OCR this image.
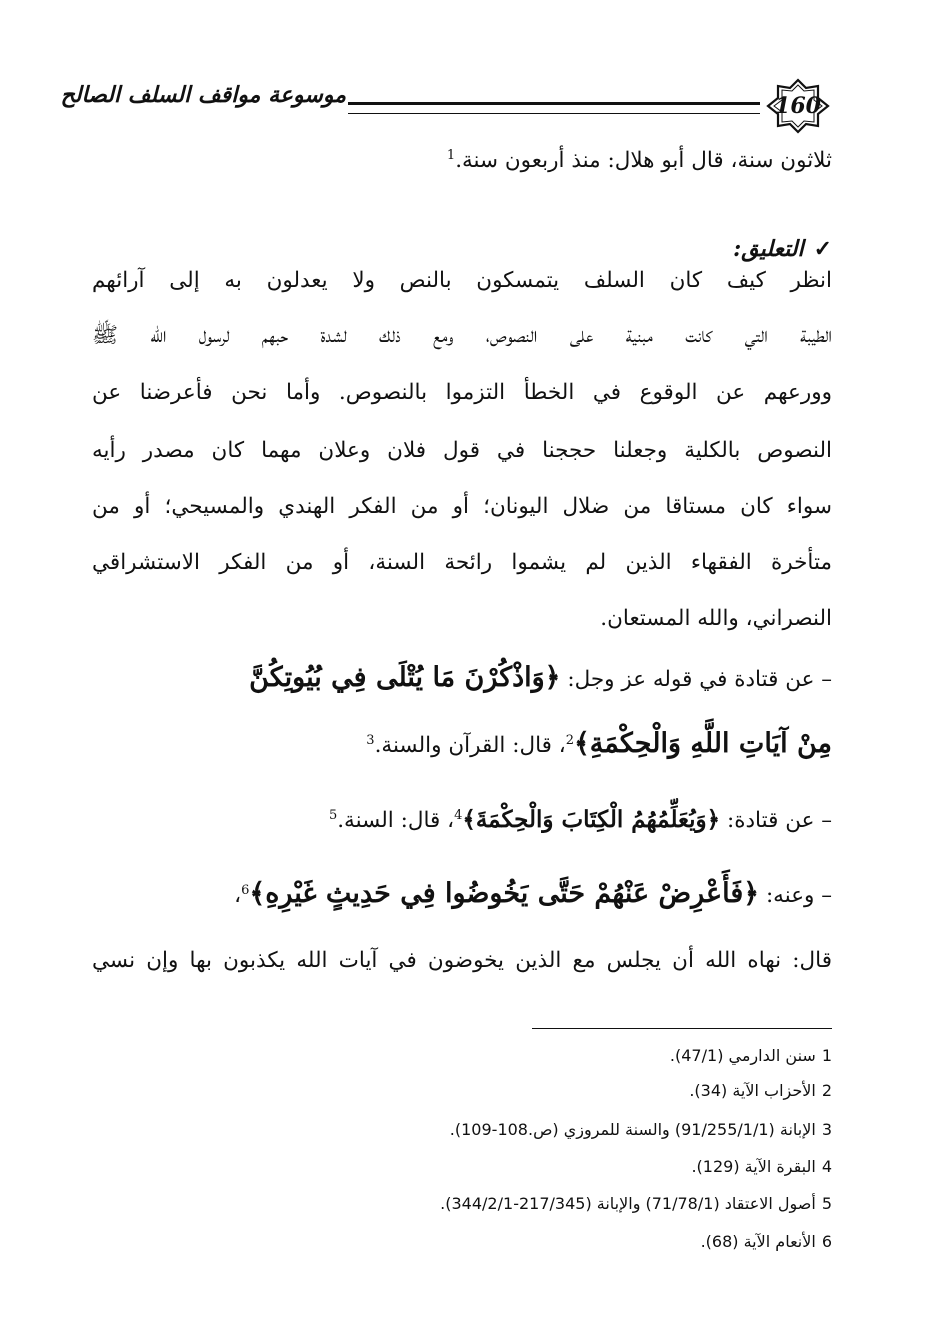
160
موسوعة مواقف السلف الصالح
ثلاثون سنة، قال أبو هلال: منذ أربعون سنة.$^1$
✓التعليق:
انظر كيف كان السلف يتمسكون بالنص ولا يعدلون به إلى آرائهم
الطيبة التي كانت مبنية على النصوص، ومع ذلك لشدة حبهم لرسول الله ﷺ
وورعهم عن الوقوع في الخطأ التزموا بالنصوص. وأما نحن فأعرضنا عن
النصوص بالكلية وجعلنا حججنا في قول فلان وعلان مهما كان مصدر رأيه
سواء كان مستاقا من ضلال اليونان؛ أو من الفكر الهندي والمسيحي؛ أو من
متأخرة الفقهاء الذين لم يشموا رائحة السنة، أو من الفكر الاستشراقي
النصراني، والله المستعان.
– عن قتادة في قوله عز وجل: ﴿وَاذْكُرْنَ مَا يُتْلَى فِي بُيُوتِكُنَّ
مِنْ آيَاتِ اللَّهِ وَالْحِكْمَةِ﴾$^2$، قال: القرآن والسنة.$^3$
– عن قتادة: ﴿وَيُعَلِّمُهُمُ الْكِتَابَ وَالْحِكْمَةَ﴾$^4$، قال: السنة.$^5$
– وعنه: ﴿فَأَعْرِضْ عَنْهُمْ حَتَّى يَخُوضُوا فِي حَدِيثٍ غَيْرِهِ﴾$^6$،
قال: نهاه الله أن يجلس مع الذين يخوضون في آيات الله يكذبون بها وإن نسي
1سنن الدارمي (47/1).
2الأحزاب الآية (34).
3الإبانة (91/255/1/1) والسنة للمروزي (ص.108-109).
4البقرة الآية (129).
5أصول الاعتقاد (71/78/1) والإبانة (217/345-344/2/1).
6الأنعام الآية (68).
